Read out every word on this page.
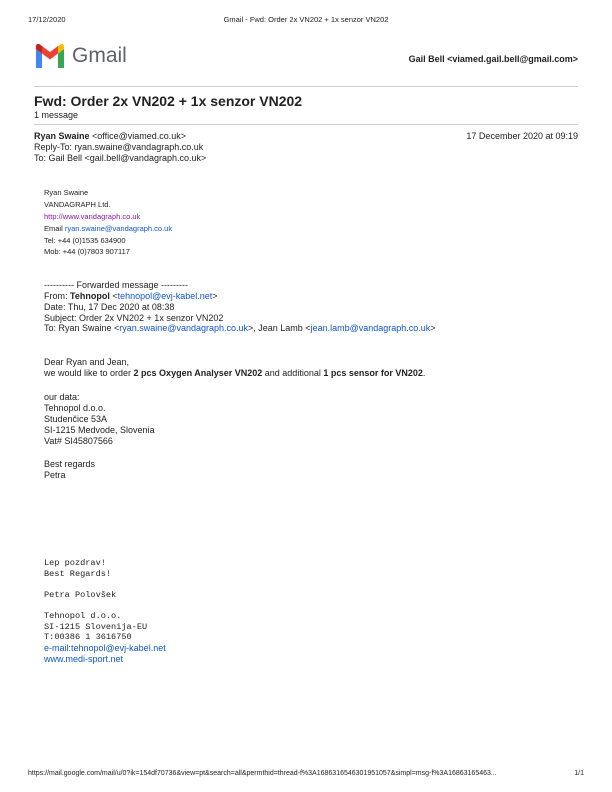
17/12/2020	Gmail - Fwd: Order 2x VN202 + 1x senzor VN202
Gmail	Gail Bell <viamed.gail.bell@gmail.com>
Fwd: Order 2x VN202 + 1x senzor VN202
1 message
Ryan Swaine <office@viamed.co.uk>	17 December 2020 at 09:19
Reply-To: ryan.swaine@vandagraph.co.uk
To: Gail Bell <gail.bell@vandagraph.co.uk>
Ryan Swaine
VANDAGRAPH Ltd.
http://www.vandagraph.co.uk
Email ryan.swaine@vandagraph.co.uk
Tel: +44 (0)1535 634900
Mob: +44 (0)7803 907117
---------- Forwarded message ---------
From: Tehnopol <tehnopol@evj-kabel.net>
Date: Thu, 17 Dec 2020 at 08:38
Subject: Order 2x VN202 + 1x senzor VN202
To: Ryan Swaine <ryan.swaine@vandagraph.co.uk>, Jean Lamb <jean.lamb@vandagraph.co.uk>
Dear Ryan and Jean,
we would like to order 2 pcs Oxygen Analyser VN202 and additional 1 pcs sensor for VN202.
our data:
Tehnopol d.o.o.
Studenčice 53A
SI-1215 Medvode, Slovenia
Vat# SI45807566
Best regards
Petra
Lep pozdrav!
Best Regards!
Petra Polovšek
Tehnopol d.o.o.
SI-1215 Slovenija-EU
T:00386 1 3616750
e-mail:tehnopol@evj-kabel.net
www.medi-sport.net
https://mail.google.com/mail/u/0?ik=154df70736&view=pt&search=all&permthid=thread-f%3A1686316546301951057&simpl=msg-f%3A16863165463...	1/1
